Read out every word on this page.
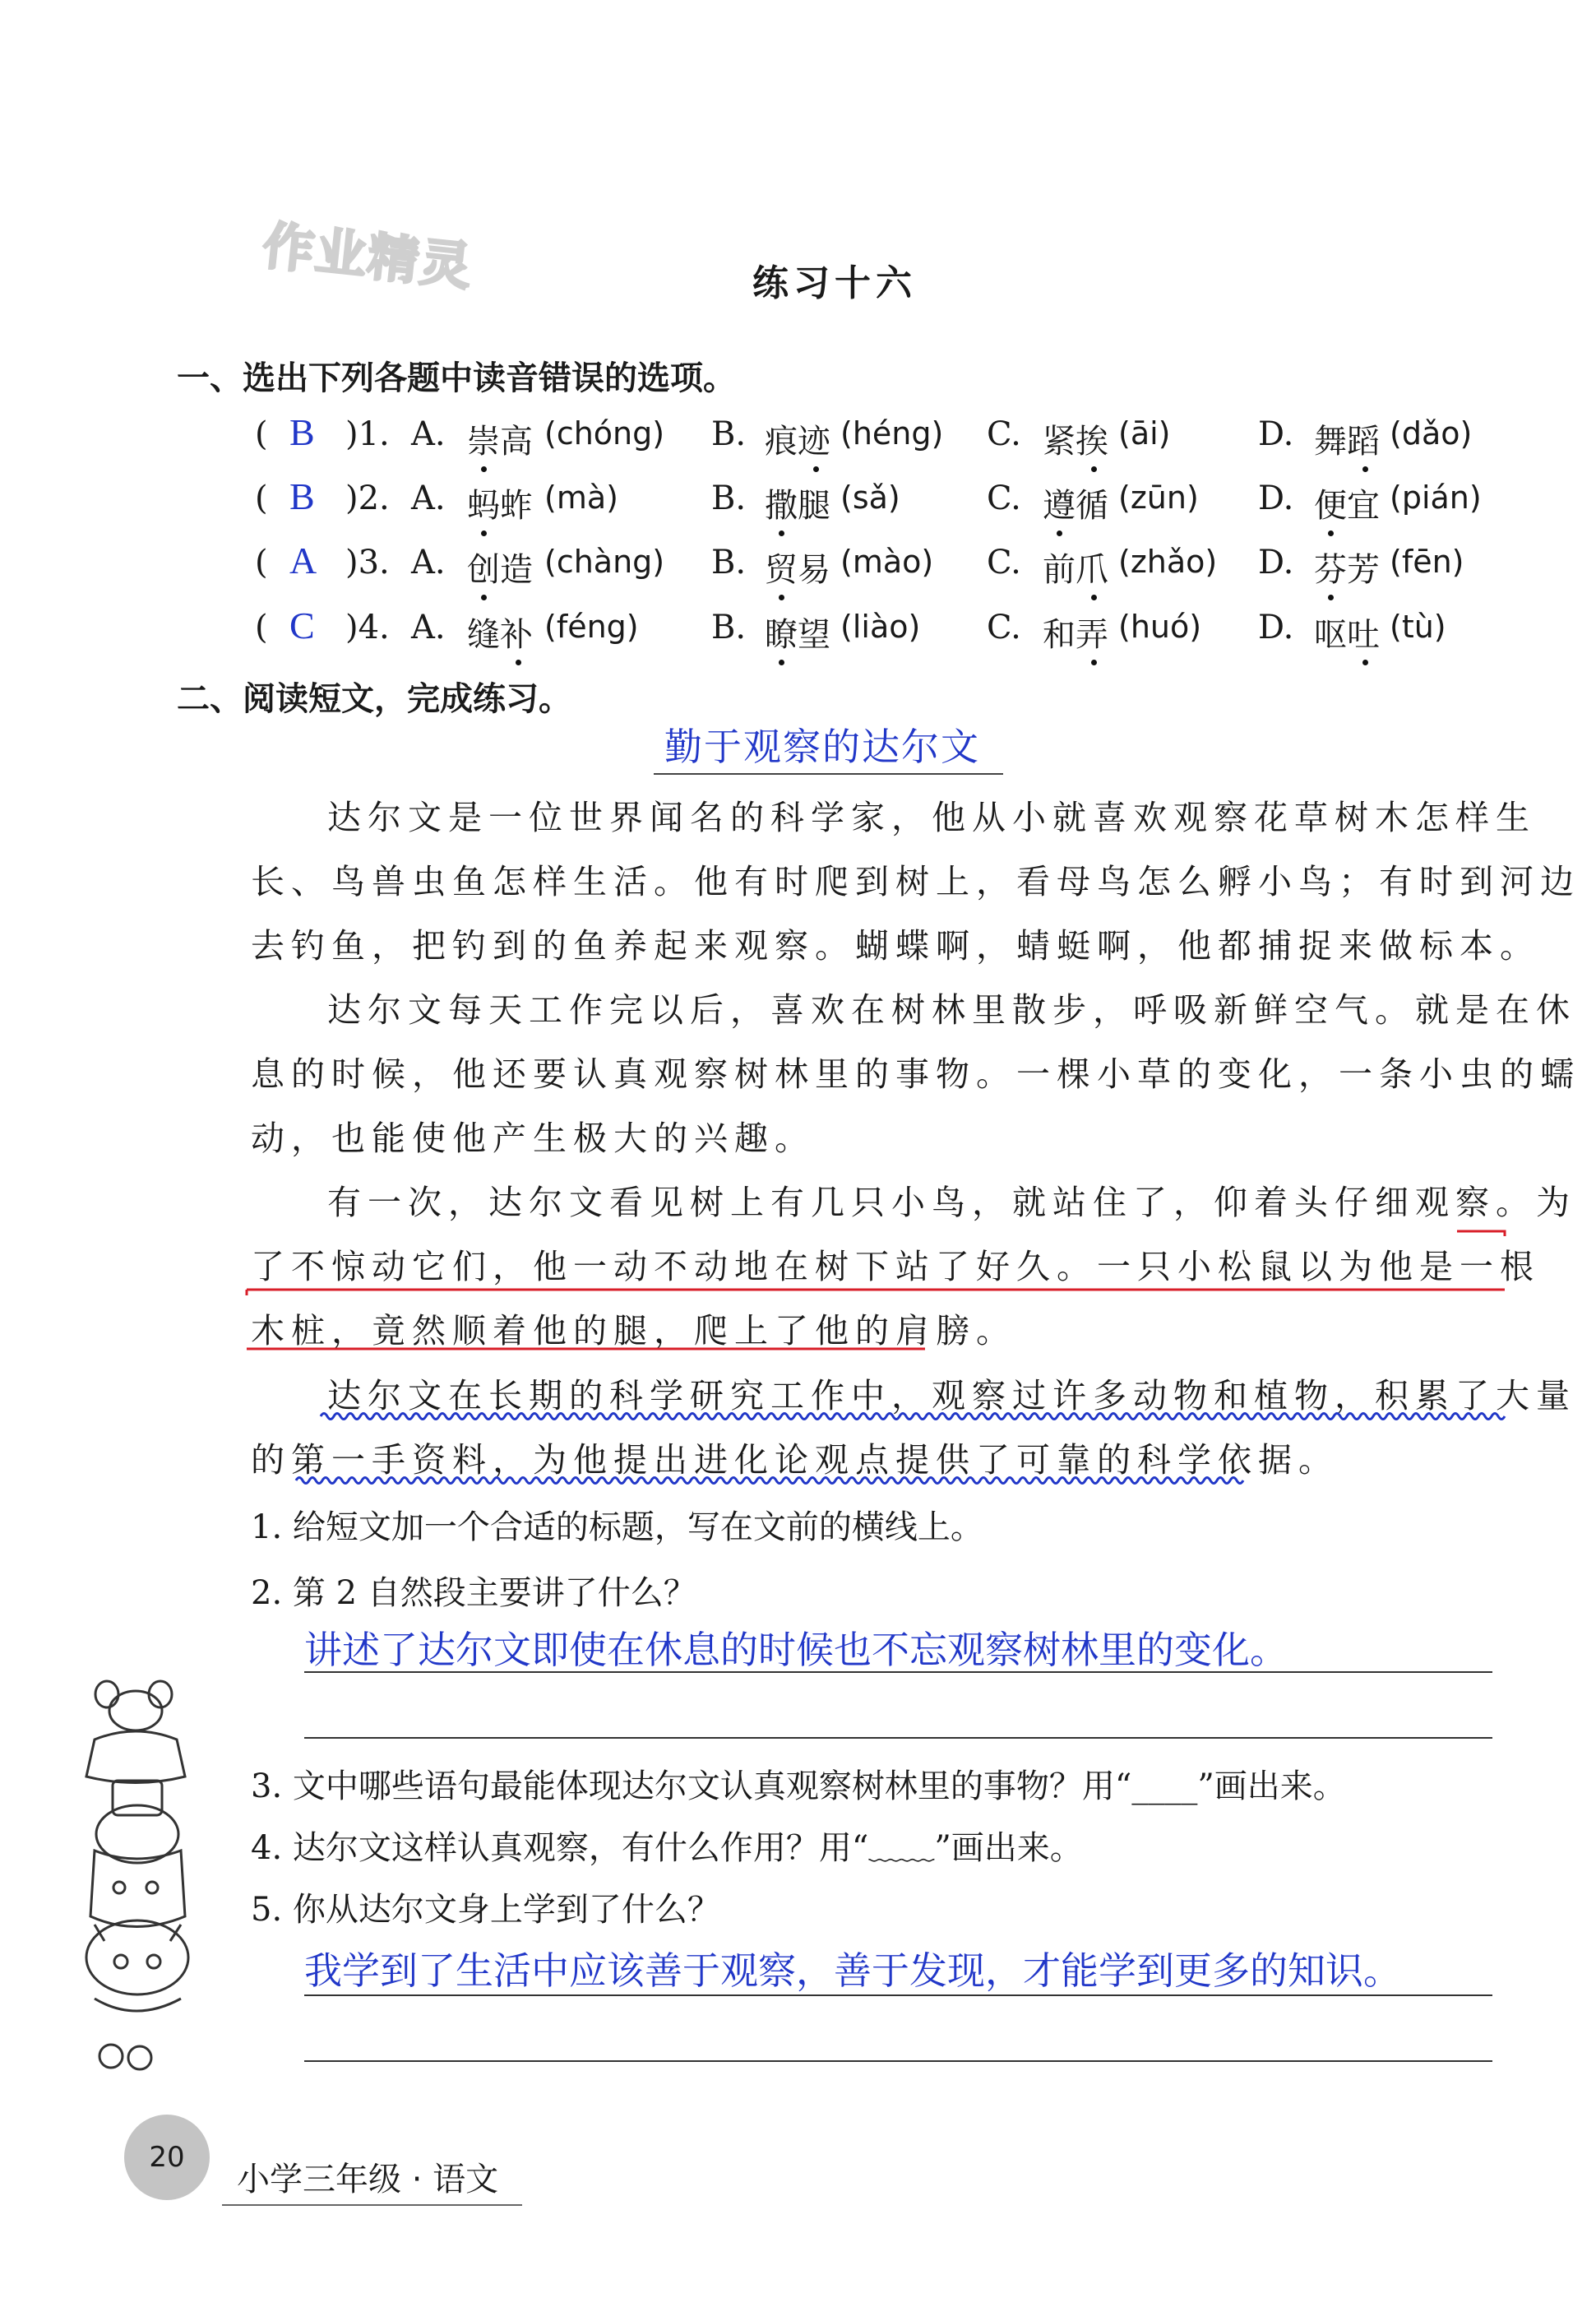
作业精灵	练习十六
一、选出下列各题中读音错误的选项。
( B )1. A. 崇高 (chóng) B. 痕迹 (héng) C. 紧挨 (āi)	D. 舞蹈 (dǎo)
( B )2. A. 蚂蚱 (mà)	B. 撒腿 (sǎ)	C. 遵循 (zūn) D. 便宜 (pián)
( A )3. A. 创造 (chàng) B. 贸易 (mào) C. 前爪 (zhǎo) D. 芬芳 (fēn)
( C )4. A. 缝补 (féng) B. 瞭望 (liào) C. 和弄 (huó) D. 呕吐 (tù)
二、阅读短文，完成练习。
勤于观察的达尔文
达尔文是一位世界闻名的科学家，他从小就喜欢观察花草树木怎样生
长、鸟兽虫鱼怎样生活。他有时爬到树上，看母鸟怎么孵小鸟；有时到河边
去钓鱼，把钓到的鱼养起来观察。蝴蝶啊，蜻蜓啊，他都捕捉来做标本。
达尔文每天工作完以后，喜欢在树林里散步，呼吸新鲜空气。就是在休
息的时候，他还要认真观察树林里的事物。一棵小草的变化，一条小虫的蠕
动，也能使他产生极大的兴趣。
有一次，达尔文看见树上有几只小鸟，就站住了，仰着头仔细观察。为
了不惊动它们，他一动不动地在树下站了好久。一只小松鼠以为他是一根
木桩，竟然顺着他的腿，爬上了他的肩膀。
达尔文在长期的科学研究工作中，观察过许多动物和植物，积累了大量
的第一手资料，为他提出进化论观点提供了可靠的科学依据。
1. 给短文加一个合适的标题，写在文前的横线上。
2. 第 2 自然段主要讲了什么？
3. 文中哪些语句最能体现达尔文认真观察树林里的事物？用“____”画出来。
4. 达尔文这样认真观察，有什么作用？用“﹏﹏”画出来。
5. 你从达尔文身上学到了什么？
讲述了达尔文即使在休息的时候也不忘观察树林里的变化。
我学到了生活中应该善于观察，善于发现，才能学到更多的知识。
20
小学三年级 · 语文
